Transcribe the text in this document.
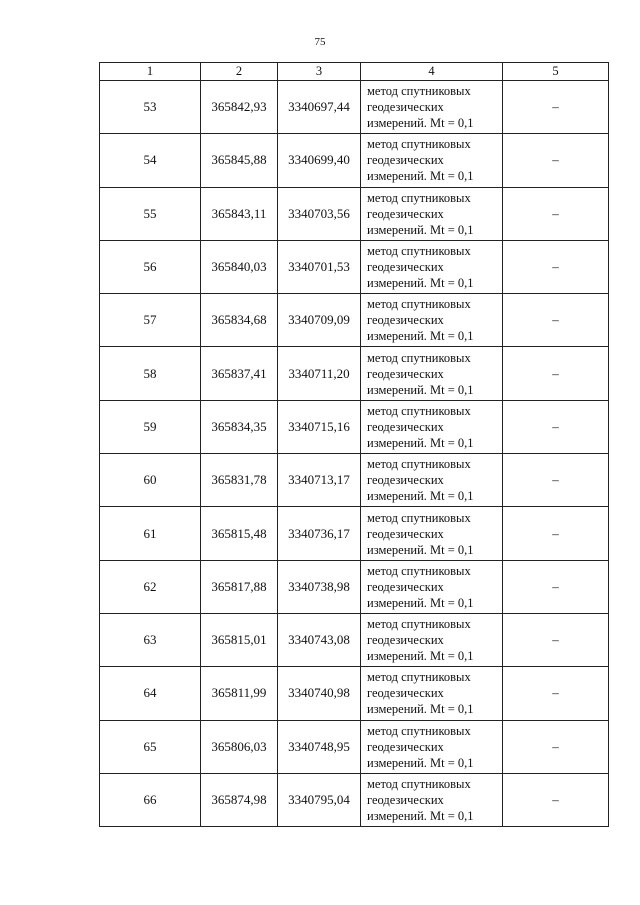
75
1	2	3	4	5
53	365842,93	3340697,44	метод спутниковых
геодезических
измерений. Mt = 0,1	–
54	365845,88	3340699,40	метод спутниковых
геодезических
измерений. Mt = 0,1	–
55	365843,11	3340703,56	метод спутниковых
геодезических
измерений. Mt = 0,1	–
56	365840,03	3340701,53	метод спутниковых
геодезических
измерений. Mt = 0,1	–
57	365834,68	3340709,09	метод спутниковых
геодезических
измерений. Mt = 0,1	–
58	365837,41	3340711,20	метод спутниковых
геодезических
измерений. Mt = 0,1	–
59	365834,35	3340715,16	метод спутниковых
геодезических
измерений. Mt = 0,1	–
60	365831,78	3340713,17	метод спутниковых
геодезических
измерений. Mt = 0,1	–
61	365815,48	3340736,17	метод спутниковых
геодезических
измерений. Mt = 0,1	–
62	365817,88	3340738,98	метод спутниковых
геодезических
измерений. Mt = 0,1	–
63	365815,01	3340743,08	метод спутниковых
геодезических
измерений. Mt = 0,1	–
64	365811,99	3340740,98	метод спутниковых
геодезических
измерений. Mt = 0,1	–
65	365806,03	3340748,95	метод спутниковых
геодезических
измерений. Mt = 0,1	–
66	365874,98	3340795,04	метод спутниковых
геодезических
измерений. Mt = 0,1	–
